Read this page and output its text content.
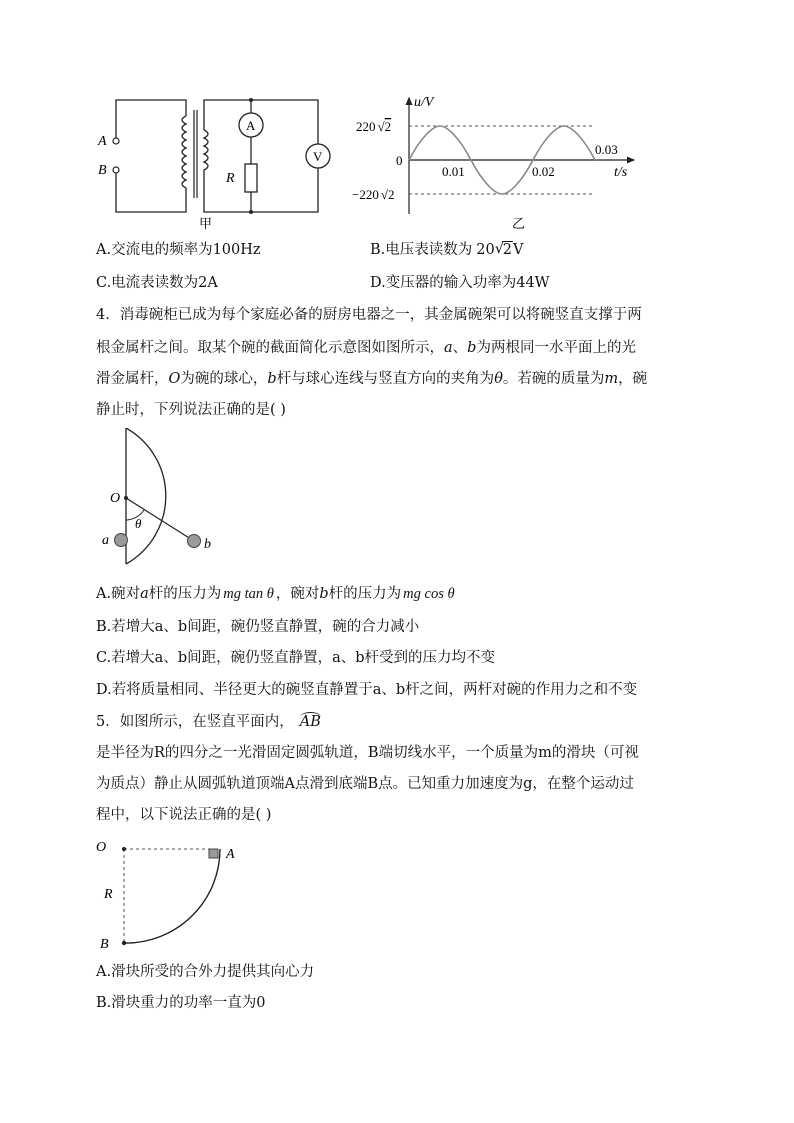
A
B
A
R
V
甲
u/V
t/s
220 √2
0
−220 √2
0.01	0.02
0.03
乙
A.交流电的频率为100Hz	B.电压表读数为 20 √ 2V
C.电流表读数为2A	D.变压器的输入功率为44W
4．消毒碗柜已成为每个家庭必备的厨房电器之一，其金属碗架可以将碗竖直支撑于两
根金属杆之间。取某个碗的截面简化示意图如图所示，a、b为两根同一水平面上的光
滑金属杆，O为碗的球心，b杆与球心连线与竖直方向的夹角为θ。若碗的质量为m，碗
静止时，下列说法正确的是( )
O
θ
a	b
A.碗对a杆的压力为 mg tan θ ，碗对b杆的压力为 mg cos θ
B.若增大a、b间距，碗仍竖直静置，碗的合力减小
C.若增大a、b间距，碗仍竖直静置，a、b杆受到的压力均不变
D.若将质量相同、半径更大的碗竖直静置于a、b杆之间，两杆对碗的作用力之和不变
5．如图所示，在竖直平面内， AB
是半径为R的四分之一光滑固定圆弧轨道，B端切线水平，一个质量为m的滑块（可视
为质点）静止从圆弧轨道顶端A点滑到底端B点。已知重力加速度为g，在整个运动过
程中，以下说法正确的是( )
O	A
R
B
A.滑块所受的合外力提供其向心力
B.滑块重力的功率一直为0
